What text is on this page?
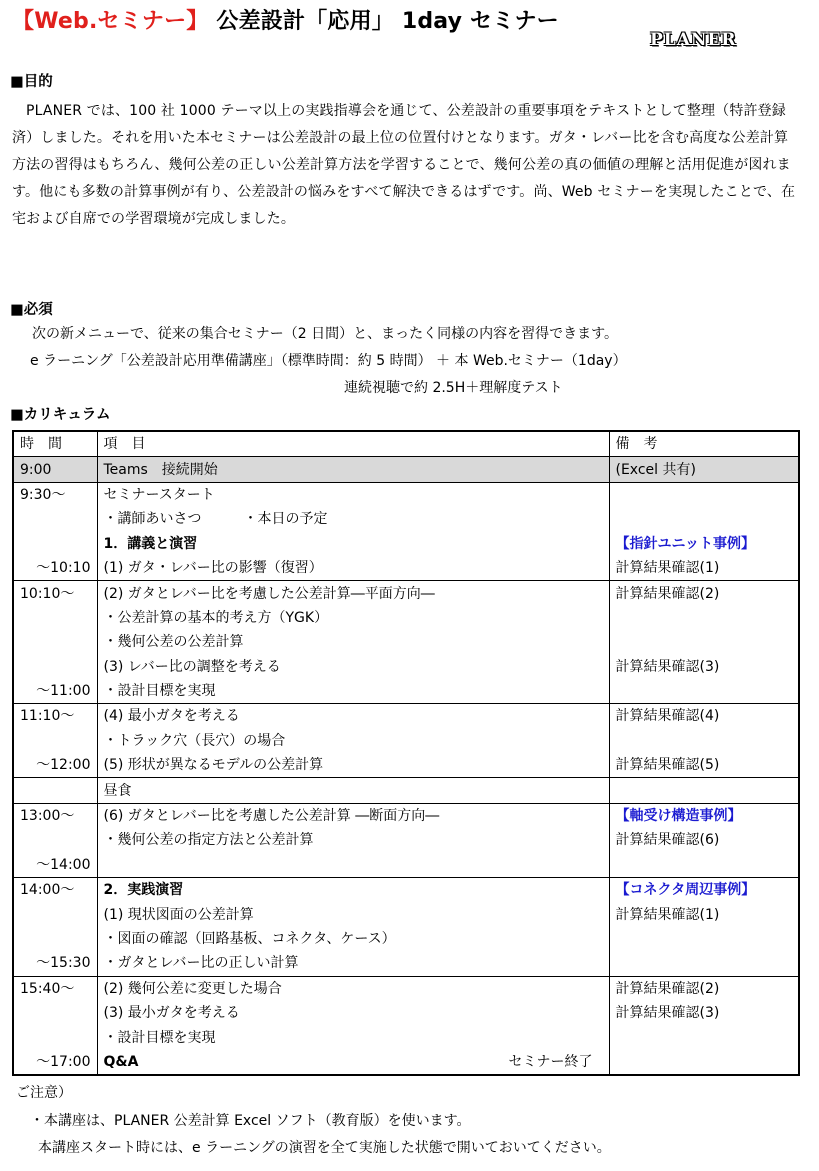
【Web.セミナー】 公差設計「応用」 1day セミナー
PLANER
■目的

PLANER では、100 社 1000 テーマ以上の実践指導会を通じて、公差設計の重要事項をテキストとして整理（特許登録済）しました。それを用いた本セミナーは公差設計の最上位の位置付けとなります。ガタ・レバー比を含む高度な公差計算方法の習得はもちろん、幾何公差の正しい公差計算方法を学習することで、幾何公差の真の価値の理解と活用促進が図れます。他にも多数の計算事例が有り、公差設計の悩みをすべて解決できるはずです。尚、Web セミナーを実現したことで、在宅および自席での学習環境が完成しました。

■必須
次の新メニューで、従来の集合セミナー（2 日間）と、まったく同様の内容を習得できます。
e ラーニング「公差設計応用準備講座」（標準時間：約 5 時間） ＋ 本 Web.セミナー（1day）
連続視聴で約 2.5H＋理解度テスト
■カリキュラム
時　間	項　目	備　考
9:00	Teams　接続開始	(Excel 共有)
9:30～	セミナースタート	
	・講師あいさつ　　　・本日の予定	
	1．講義と演習	【指針ユニット事例】
～10:10	(1) ガタ・レバー比の影響（復習）	計算結果確認(1)
10:10～	(2) ガタとレバー比を考慮した公差計算―平面方向―	計算結果確認(2)
	・公差計算の基本的考え方（YGK）	
	・幾何公差の公差計算	
	(3) レバー比の調整を考える	計算結果確認(3)
～11:00	・設計目標を実現	
11:10～	(4) 最小ガタを考える	計算結果確認(4)
	・トラック穴（長穴）の場合	
～12:00	(5) 形状が異なるモデルの公差計算	計算結果確認(5)
	昼食	
13:00～	(6) ガタとレバー比を考慮した公差計算 ―断面方向―	【軸受け構造事例】
	・幾何公差の指定方法と公差計算	計算結果確認(6)
～14:00		
14:00～	2．実践演習	【コネクタ周辺事例】
	(1) 現状図面の公差計算	計算結果確認(1)
	・図面の確認（回路基板、コネクタ、ケース）	
～15:30	・ガタとレバー比の正しい計算	
15:40～	(2) 幾何公差に変更した場合	計算結果確認(2)
	(3) 最小ガタを考える	計算結果確認(3)
	・設計目標を実現	
～17:00	Q&A セミナー終了	

ご注意）
・本講座は、PLANER 公差計算 Excel ソフト（教育版）を使います。
本講座スタート時には、e ラーニングの演習を全て実施した状態で開いておいてください。
